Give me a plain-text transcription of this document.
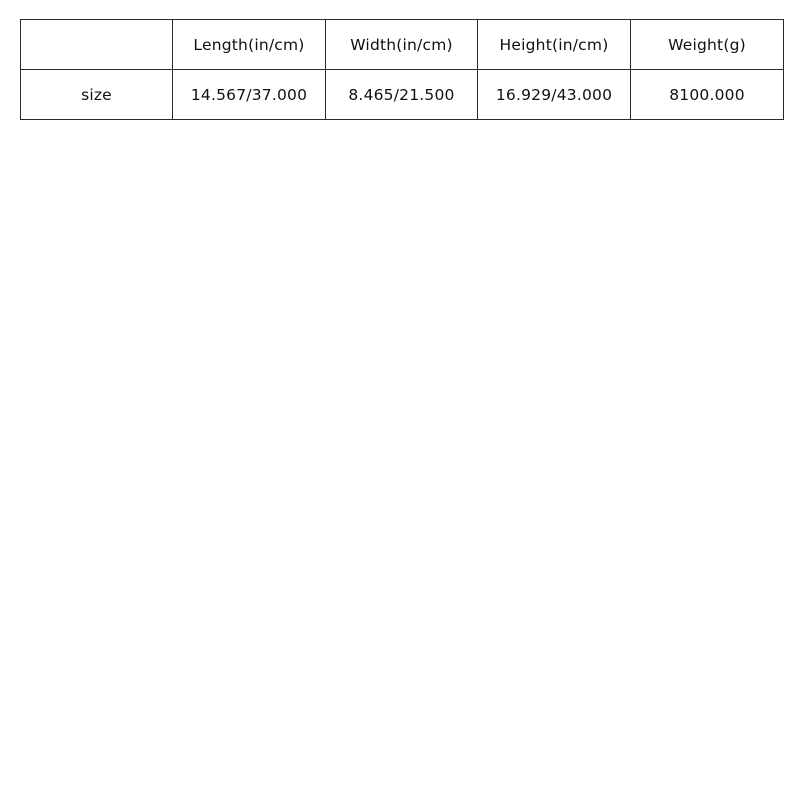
	Length(in/cm)	Width(in/cm)	Height(in/cm)	Weight(g)
size	14.567/37.000	8.465/21.500	16.929/43.000	8100.000
